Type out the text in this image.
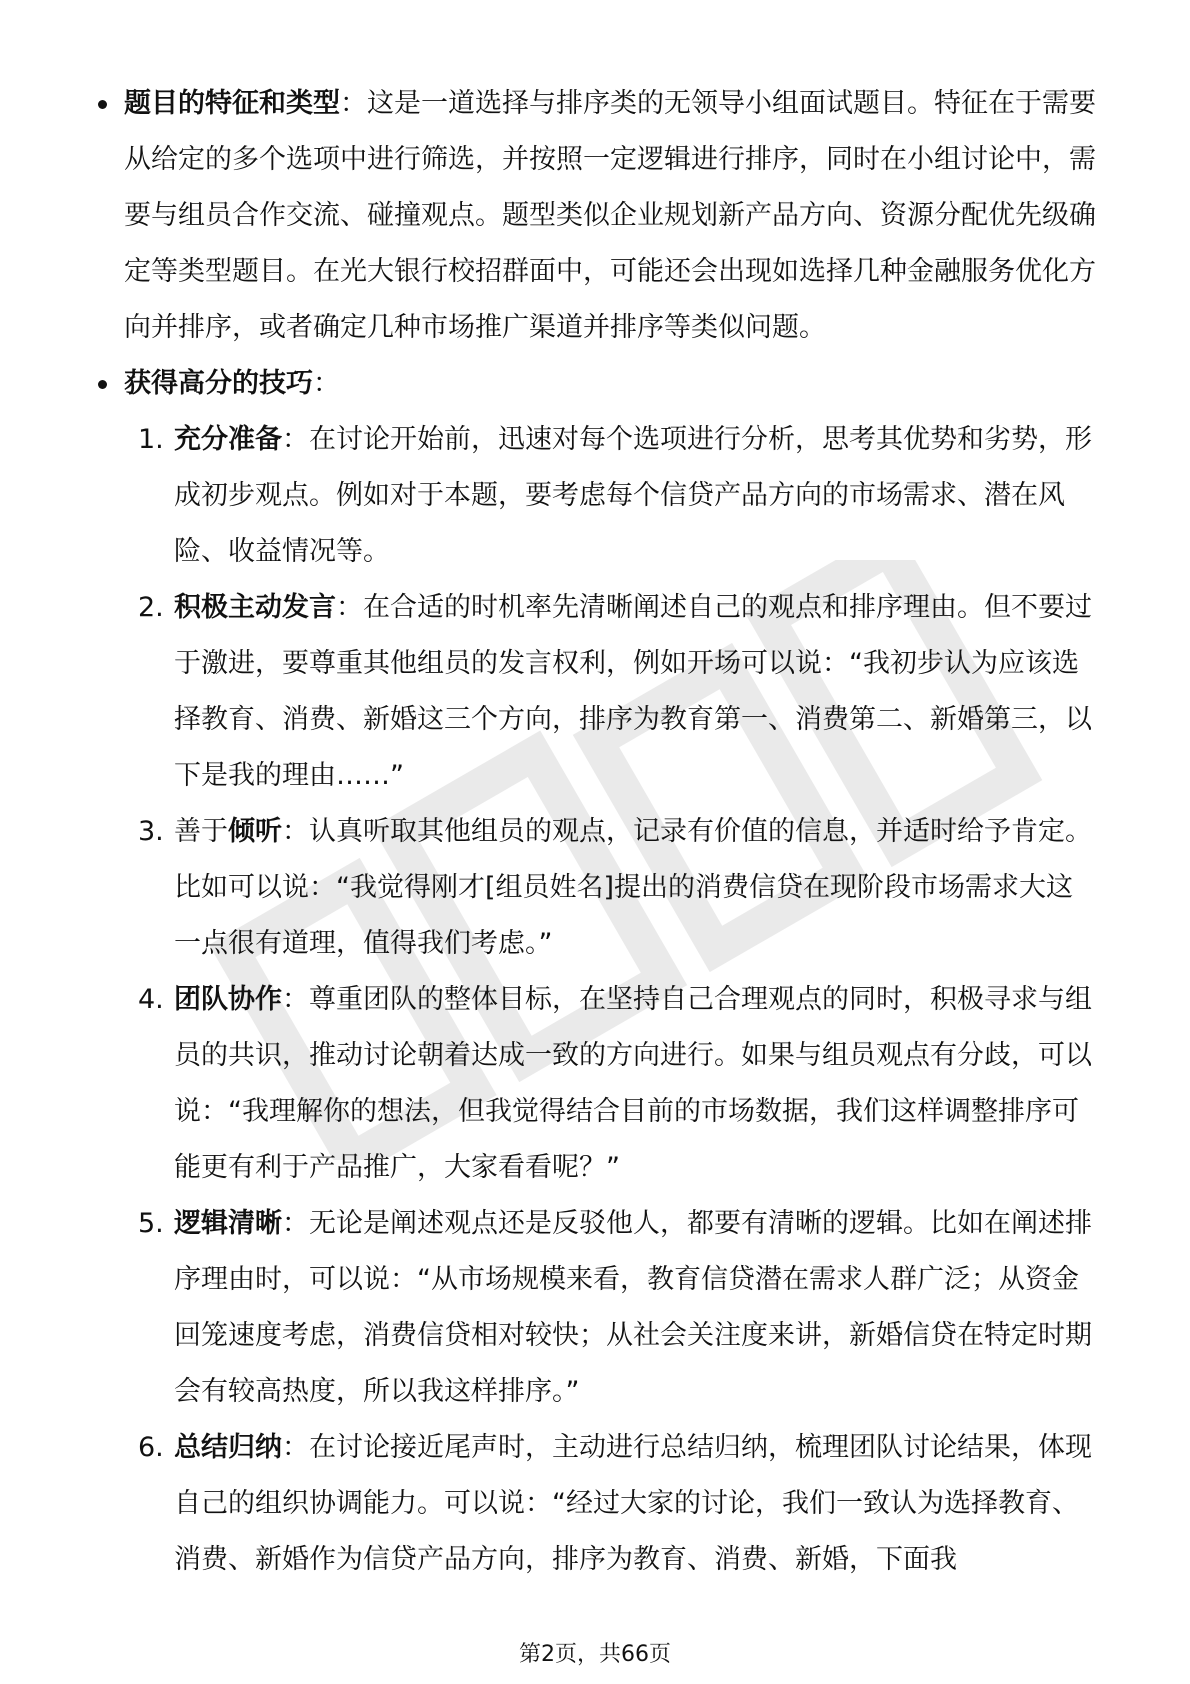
题目的特征和类型：这是一道选择与排序类的无领导小组面试题目。特征在于需要从给定的多个选项中进行筛选，并按照一定逻辑进行排序，同时在小组讨论中，需要与组员合作交流、碰撞观点。题型类似企业规划新产品方向、资源分配优先级确定等类型题目。在光大银行校招群面中，可能还会出现如选择几种金融服务优化方向并排序，或者确定几种市场推广渠道并排序等类似问题。
获得高分的技巧：
1. 充分准备：在讨论开始前，迅速对每个选项进行分析，思考其优势和劣势，形成初步观点。例如对于本题，要考虑每个信贷产品方向的市场需求、潜在风险、收益情况等。
2. 积极主动发言：在合适的时机率先清晰阐述自己的观点和排序理由。但不要过于激进，要尊重其他组员的发言权利，例如开场可以说：“我初步认为应该选择教育、消费、新婚这三个方向，排序为教育第一、消费第二、新婚第三，以下是我的理由……”
3. 善于倾听：认真听取其他组员的观点，记录有价值的信息，并适时给予肯定。比如可以说：“我觉得刚才[组员姓名]提出的消费信贷在现阶段市场需求大这一点很有道理，值得我们考虑。”
4. 团队协作：尊重团队的整体目标，在坚持自己合理观点的同时，积极寻求与组员的共识，推动讨论朝着达成一致的方向进行。如果与组员观点有分歧，可以说：“我理解你的想法，但我觉得结合目前的市场数据，我们这样调整排序可能更有利于产品推广，大家看看呢？”
5. 逻辑清晰：无论是阐述观点还是反驳他人，都要有清晰的逻辑。比如在阐述排序理由时，可以说：“从市场规模来看，教育信贷潜在需求人群广泛；从资金回笼速度考虑，消费信贷相对较快；从社会关注度来讲，新婚信贷在特定时期会有较高热度，所以我这样排序。”
6. 总结归纳：在讨论接近尾声时，主动进行总结归纳，梳理团队讨论结果，体现自己的组织协调能力。可以说：“经过大家的讨论，我们一致认为选择教育、消费、新婚作为信贷产品方向，排序为教育、消费、新婚，下面我
第2页，共66页
